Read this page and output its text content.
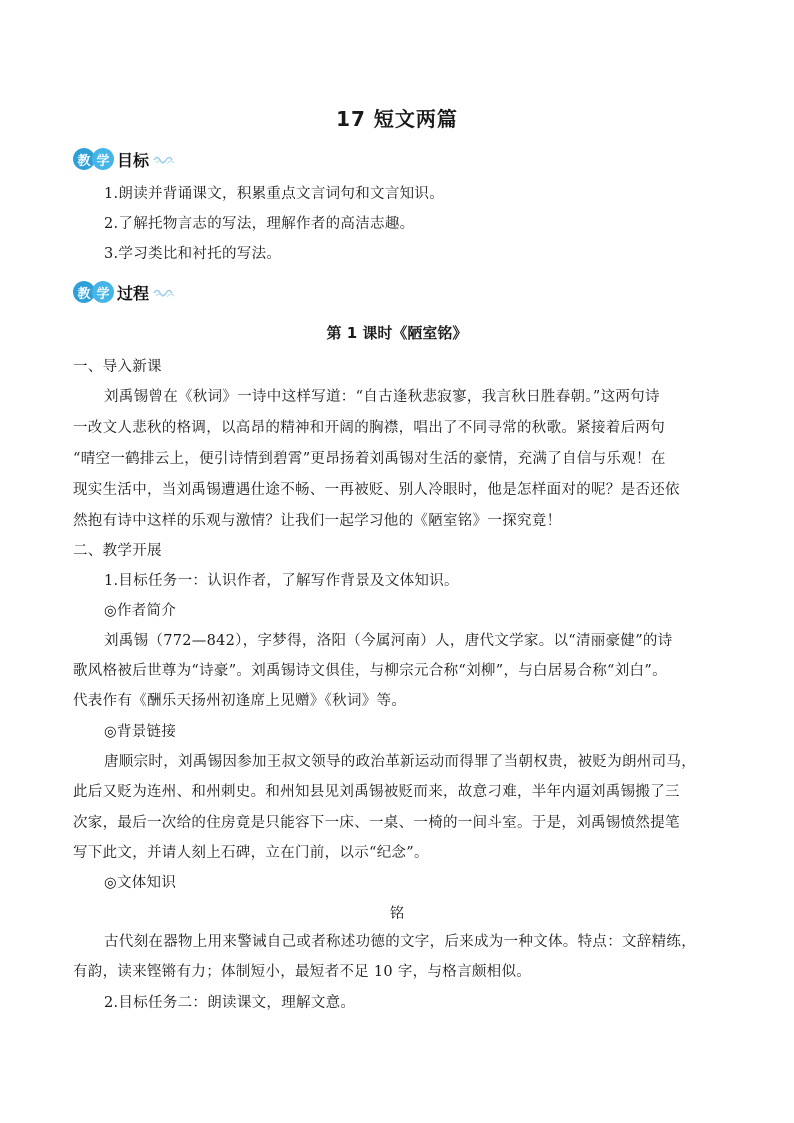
17 短文两篇
教 学 目标
1.朗读并背诵课文，积累重点文言词句和文言知识。
2.了解托物言志的写法，理解作者的高洁志趣。
3.学习类比和衬托的写法。
教 学 过程
第 1 课时《陋室铭》
一、导入新课
刘禹锡曾在《秋词》一诗中这样写道：“自古逢秋悲寂寥，我言秋日胜春朝。”这两句诗
一改文人悲秋的格调，以高昂的精神和开阔的胸襟，唱出了不同寻常的秋歌。紧接着后两句
“晴空一鹤排云上，便引诗情到碧霄”更昂扬着刘禹锡对生活的豪情，充满了自信与乐观！在
现实生活中，当刘禹锡遭遇仕途不畅、一再被贬、别人冷眼时，他是怎样面对的呢？是否还依
然抱有诗中这样的乐观与激情？让我们一起学习他的《陋室铭》一探究竟！
二、教学开展
1.目标任务一：认识作者，了解写作背景及文体知识。
◎作者简介
刘禹锡（772—842），字梦得，洛阳（今属河南）人，唐代文学家。以“清丽豪健”的诗
歌风格被后世尊为“诗豪”。刘禹锡诗文俱佳，与柳宗元合称“刘柳”，与白居易合称“刘白”。
代表作有《酬乐天扬州初逢席上见赠》《秋词》等。
◎背景链接
唐顺宗时，刘禹锡因参加王叔文领导的政治革新运动而得罪了当朝权贵，被贬为朗州司马，
此后又贬为连州、和州刺史。和州知县见刘禹锡被贬而来，故意刁难，半年内逼刘禹锡搬了三
次家，最后一次给的住房竟是只能容下一床、一桌、一椅的一间斗室。于是，刘禹锡愤然提笔
写下此文，并请人刻上石碑，立在门前，以示“纪念”。
◎文体知识
铭
古代刻在器物上用来警诫自己或者称述功德的文字，后来成为一种文体。特点：文辞精练，
有韵，读来铿锵有力；体制短小，最短者不足 10 字，与格言颇相似。
2.目标任务二：朗读课文，理解文意。
